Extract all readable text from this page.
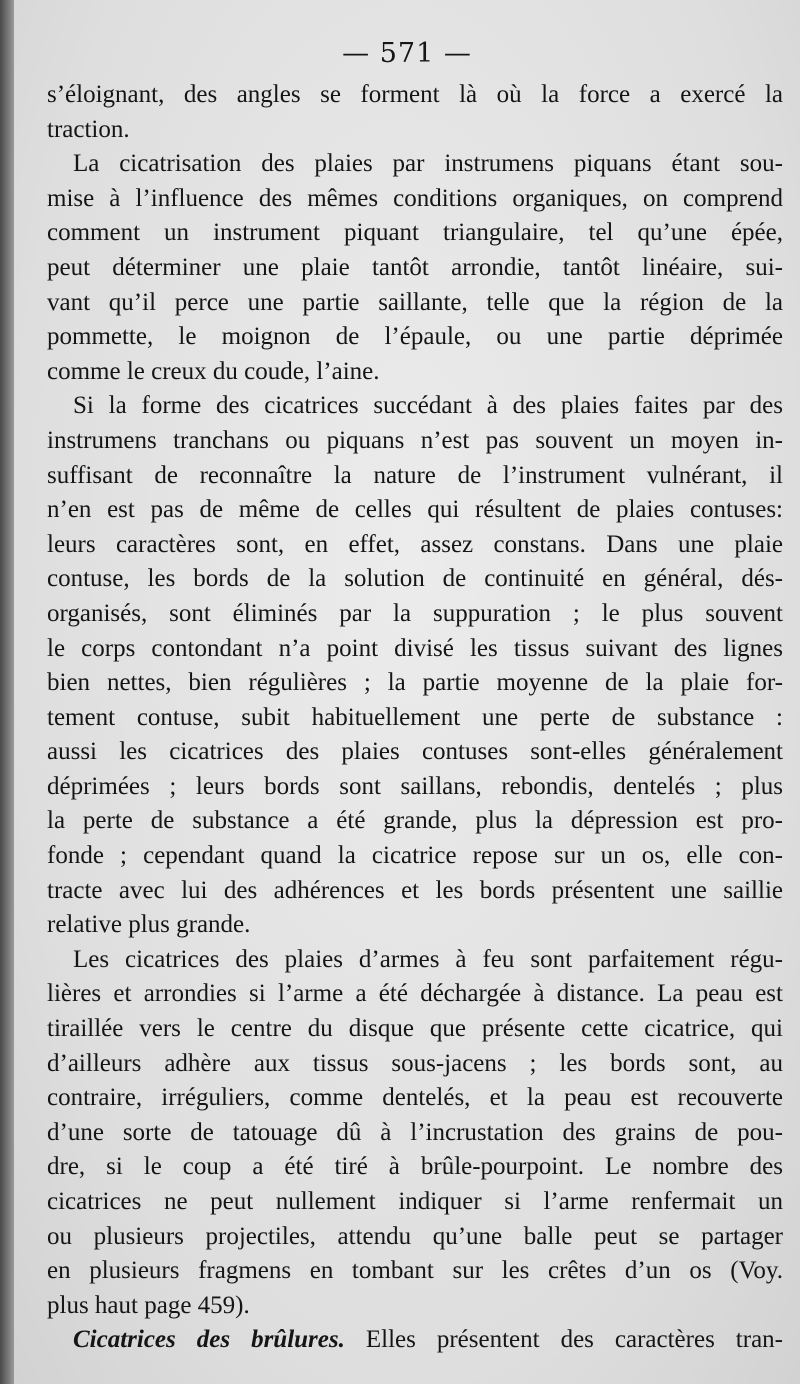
— 571 —
s’éloignant, des angles se forment là où la force a exercé la
traction.
La cicatrisation des plaies par instrumens piquans étant sou-
mise à l’influence des mêmes conditions organiques, on comprend
comment un instrument piquant triangulaire, tel qu’une épée,
peut déterminer une plaie tantôt arrondie, tantôt linéaire, sui-
vant qu’il perce une partie saillante, telle que la région de la
pommette, le moignon de l’épaule, ou une partie déprimée
comme le creux du coude, l’aine.
Si la forme des cicatrices succédant à des plaies faites par des
instrumens tranchans ou piquans n’est pas souvent un moyen in-
suffisant de reconnaître la nature de l’instrument vulnérant, il
n’en est pas de même de celles qui résultent de plaies contuses:
leurs caractères sont, en effet, assez constans. Dans une plaie
contuse, les bords de la solution de continuité en général, dés-
organisés, sont éliminés par la suppuration ; le plus souvent
le corps contondant n’a point divisé les tissus suivant des lignes
bien nettes, bien régulières ; la partie moyenne de la plaie for-
tement contuse, subit habituellement une perte de substance :
aussi les cicatrices des plaies contuses sont-elles généralement
déprimées ; leurs bords sont saillans, rebondis, dentelés ; plus
la perte de substance a été grande, plus la dépression est pro-
fonde ; cependant quand la cicatrice repose sur un os, elle con-
tracte avec lui des adhérences et les bords présentent une saillie
relative plus grande.
Les cicatrices des plaies d’armes à feu sont parfaitement régu-
lières et arrondies si l’arme a été déchargée à distance. La peau est
tiraillée vers le centre du disque que présente cette cicatrice, qui
d’ailleurs adhère aux tissus sous-jacens ; les bords sont, au
contraire, irréguliers, comme dentelés, et la peau est recouverte
d’une sorte de tatouage dû à l’incrustation des grains de pou-
dre, si le coup a été tiré à brûle-pourpoint. Le nombre des
cicatrices ne peut nullement indiquer si l’arme renfermait un
ou plusieurs projectiles, attendu qu’une balle peut se partager
en plusieurs fragmens en tombant sur les crêtes d’un os (Voy.
plus haut page 459).
Cicatrices des brûlures. Elles présentent des caractères tran-
